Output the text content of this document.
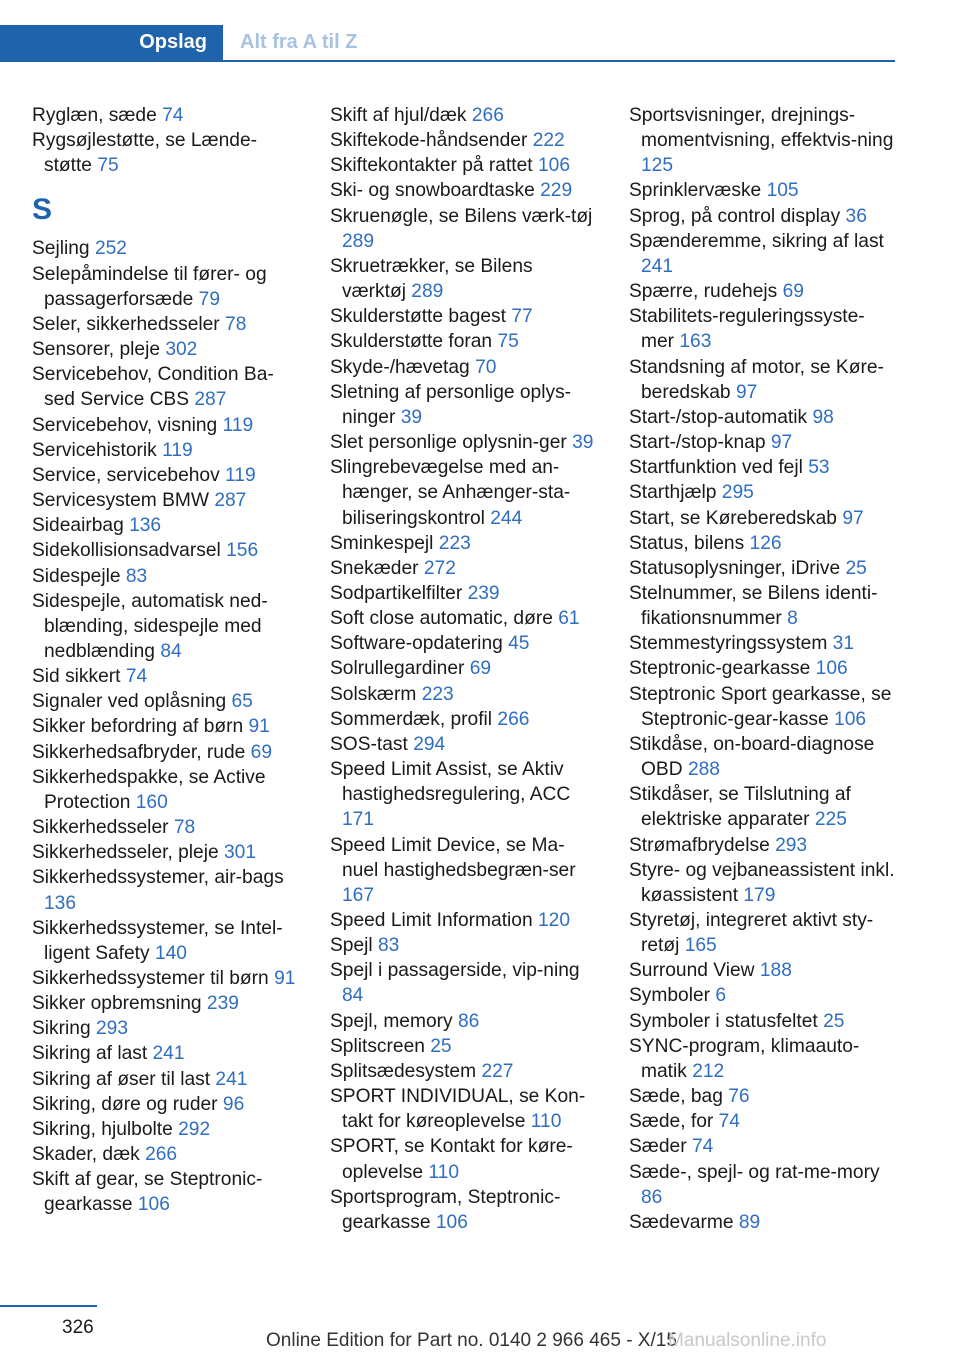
Opslag	Alt fra A til Z
Ryglæn, sæde 74
Rygsøjlestøtte, se Lænde-støtte 75
S
Sejling 252
Selepåmindelse til fører- og passagerforsæde 79
Seler, sikkerhedsseler 78
Sensorer, pleje 302
Servicebehov, Condition Ba-sed Service CBS 287
Servicebehov, visning 119
Servicehistorik 119
Service, servicebehov 119
Servicesystem BMW 287
Sideairbag 136
Sidekollisionsadvarsel 156
Sidespejle 83
Sidespejle, automatisk ned-blænding, sidespejle med nedblænding 84
Sid sikkert 74
Signaler ved oplåsning 65
Sikker befordring af børn 91
Sikkerhedsafbryder, rude 69
Sikkerhedspakke, se Active Protection 160
Sikkerhedsseler 78
Sikkerhedsseler, pleje 301
Sikkerhedssystemer, air-bags 136
Sikkerhedssystemer, se Intel-ligent Safety 140
Sikkerhedssystemer til børn 91
Sikker opbremsning 239
Sikring 293
Sikring af last 241
Sikring af øser til last 241
Sikring, døre og ruder 96
Sikring, hjulbolte 292
Skader, dæk 266
Skift af gear, se Steptronic-gearkasse 106
Skift af hjul/dæk 266
Skiftekode-håndsender 222
Skiftekontakter på rattet 106
Ski- og snowboardtaske 229
Skruenøgle, se Bilens værk-tøj 289
Skruetrækker, se Bilens værktøj 289
Skulderstøtte bagest 77
Skulderstøtte foran 75
Skyde-/hævetag 70
Sletning af personlige oplys-ninger 39
Slet personlige oplysnin-ger 39
Slingrebevægelse med an-hænger, se Anhænger-sta-biliseringskontrol 244
Sminkespejl 223
Snekæder 272
Sodpartikelfilter 239
Soft close automatic, døre 61
Software-opdatering 45
Solrullegardiner 69
Solskærm 223
Sommerdæk, profil 266
SOS-tast 294
Speed Limit Assist, se Aktiv hastighedsregulering, ACC 171
Speed Limit Device, se Ma-nuel hastighedsbegræn-ser 167
Speed Limit Information 120
Spejl 83
Spejl i passagerside, vip-ning 84
Spejl, memory 86
Splitscreen 25
Splitsædesystem 227
SPORT INDIVIDUAL, se Kon-takt for køreoplevelse 110
SPORT, se Kontakt for køre-oplevelse 110
Sportsprogram, Steptronic-gearkasse 106
Sportsvisninger, drejnings-momentvisning, effektvis-ning 125
Sprinklervæske 105
Sprog, på control display 36
Spænderemme, sikring af last 241
Spærre, rudehejs 69
Stabilitets-reguleringssyste-mer 163
Standsning af motor, se Køre-beredskab 97
Start-/stop-automatik 98
Start-/stop-knap 97
Startfunktion ved fejl 53
Starthjælp 295
Start, se Køreberedskab 97
Status, bilens 126
Statusoplysninger, iDrive 25
Stelnummer, se Bilens identi-fikationsnummer 8
Stemmestyringssystem 31
Steptronic-gearkasse 106
Steptronic Sport gearkasse, se Steptronic-gear-kasse 106
Stikdåse, on-board-diagnose OBD 288
Stikdåser, se Tilslutning af elektriske apparater 225
Strømafbrydelse 293
Styre- og vejbaneassistent inkl. køassistent 179
Styretøj, integreret aktivt sty-retøj 165
Surround View 188
Symboler 6
Symboler i statusfeltet 25
SYNC-program, klimaauto-matik 212
Sæde, bag 76
Sæde, for 74
Sæder 74
Sæde-, spejl- og rat-me-mory 86
Sædevarme 89
326
Online Edition for Part no. 0140 2 966 465 - X/15
Manualsonline.info
